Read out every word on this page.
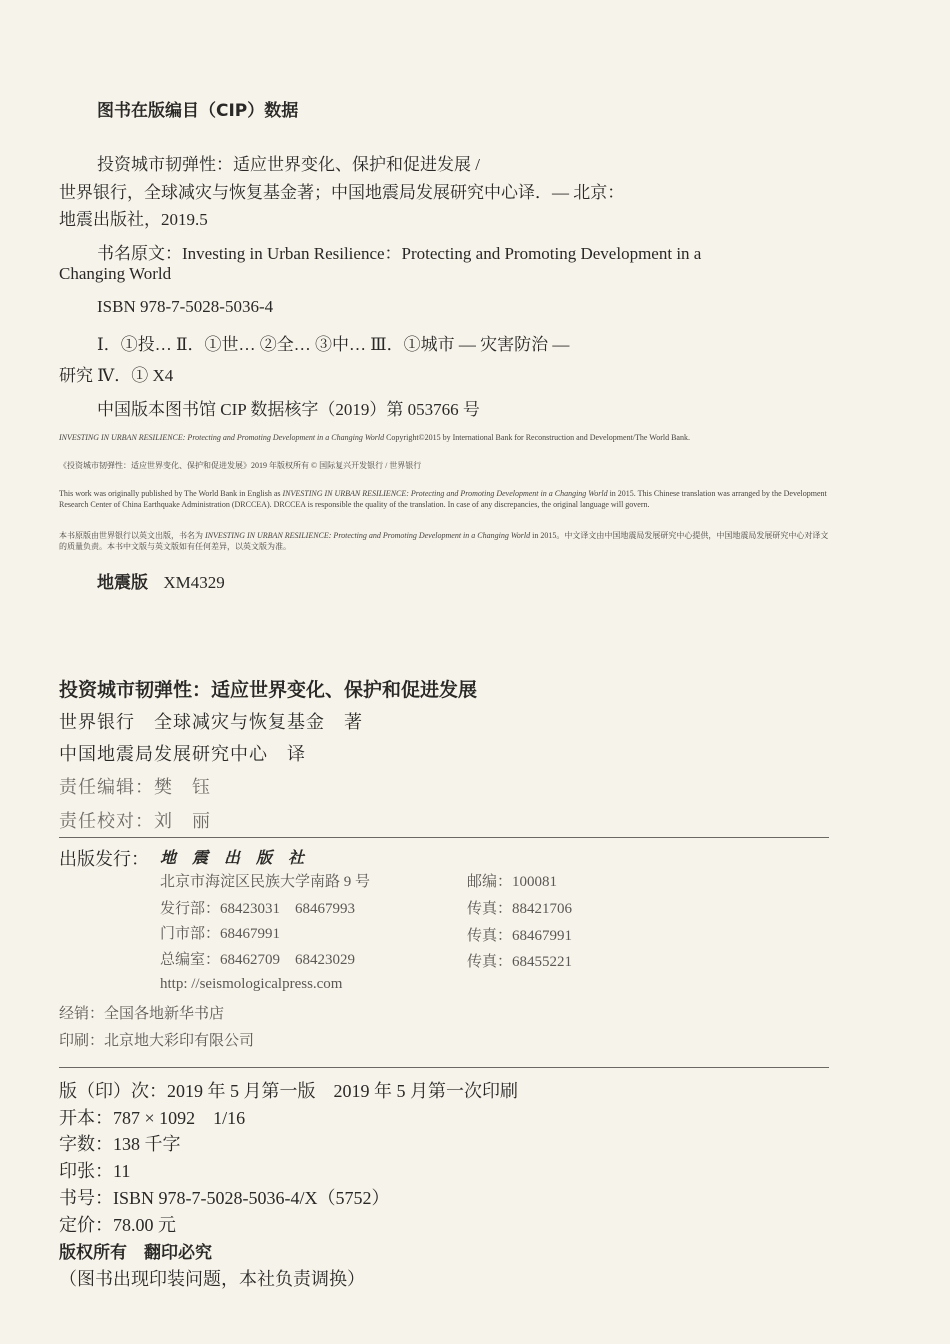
图书在版编目（CIP）数据
投资城市韧弹性：适应世界变化、保护和促进发展 /
世界银行，全球减灾与恢复基金著；中国地震局发展研究中心译．— 北京：
地震出版社，2019.5
书名原文：Investing in Urban Resilience：Protecting and Promoting Development in a
Changing World
ISBN 978-7-5028-5036-4
Ⅰ．①投… Ⅱ．①世… ②全… ③中… Ⅲ．①城市 — 灾害防治 —
研究 Ⅳ．① X4
中国版本图书馆 CIP 数据核字（2019）第 053766 号
INVESTING IN URBAN RESILIENCE: Protecting and Promoting Development in a Changing World Copyright©2015 by International Bank for Reconstruction and Development/The World Bank.
《投资城市韧弹性：适应世界变化、保护和促进发展》2019 年版权所有 © 国际复兴开发银行 / 世界银行
This work was originally published by The World Bank in English as INVESTING IN URBAN RESILIENCE: Protecting and Promoting Development in a Changing World in 2015. This Chinese translation was arranged by the Development Research Center of China Earthquake Administration (DRCCEA). DRCCEA is responsible the quality of the translation. In case of any discrepancies, the original language will govern.
本书原版由世界银行以英文出版，书名为 INVESTING IN URBAN RESILIENCE: Protecting and Promoting Development in a Changing World in 2015。中文译文由中国地震局发展研究中心提供，中国地震局发展研究中心对译文的质量负责。本书中文版与英文版如有任何差异，以英文版为准。
地震版 XM4329
投资城市韧弹性：适应世界变化、保护和促进发展
世界银行　全球减灾与恢复基金　著
中国地震局发展研究中心　译
责任编辑：樊　钰
责任校对：刘　丽
出版发行： 地 震 出 版 社
北京市海淀区民族大学南路 9 号	邮编：100081
发行部：68423031　68467993	传真：88421706
门市部：68467991	传真：68467991
总编室：68462709　68423029	传真：68455221
http: //seismologicalpress.com
经销：全国各地新华书店
印刷：北京地大彩印有限公司
版（印）次：2019 年 5 月第一版　2019 年 5 月第一次印刷
开本：787 × 1092　1/16
字数：138 千字
印张：11
书号：ISBN 978-7-5028-5036-4/X（5752）
定价：78.00 元
版权所有　翻印必究
（图书出现印装问题，本社负责调换）
